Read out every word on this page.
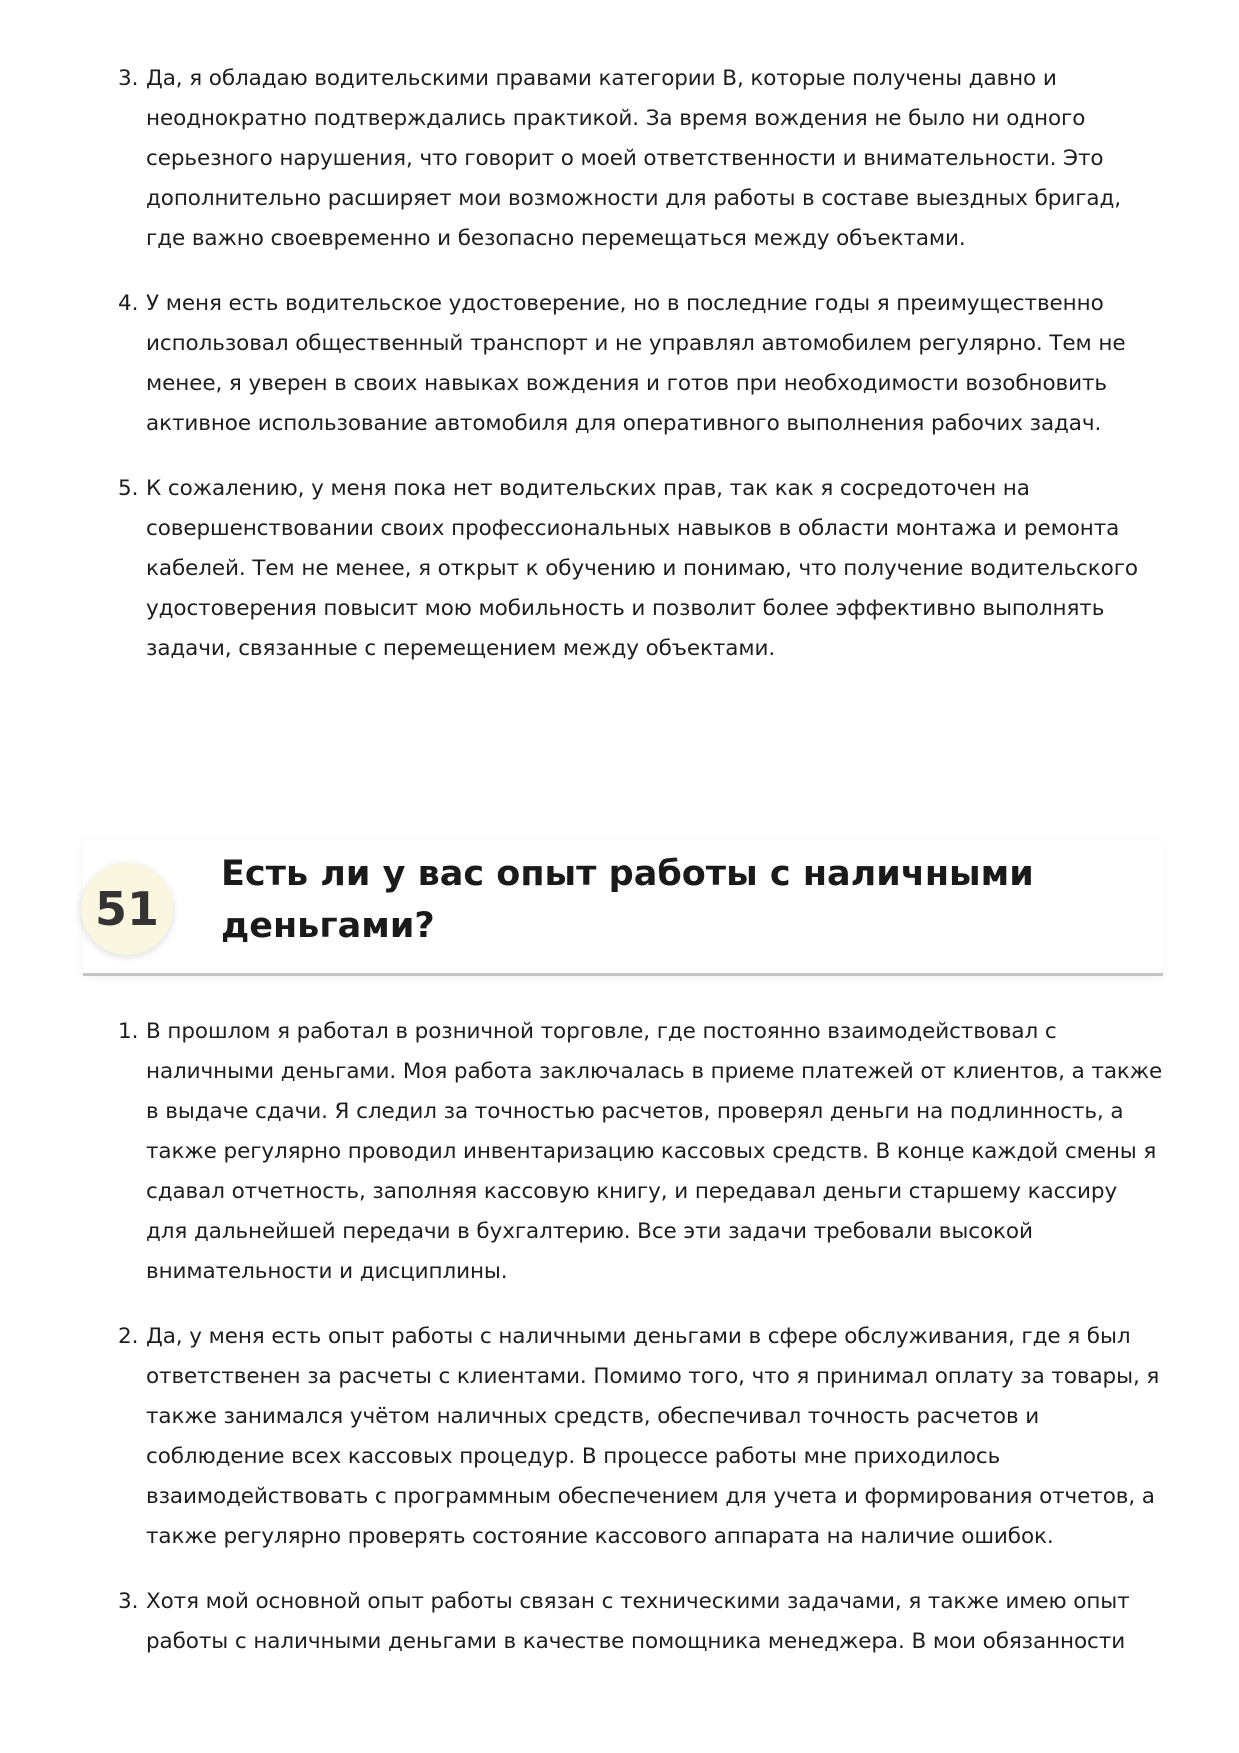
3. Да, я обладаю водительскими правами категории B, которые получены давно и неоднократно подтверждались практикой. За время вождения не было ни одного серьезного нарушения, что говорит о моей ответственности и внимательности. Это дополнительно расширяет мои возможности для работы в составе выездных бригад, где важно своевременно и безопасно перемещаться между объектами.
4. У меня есть водительское удостоверение, но в последние годы я преимущественно использовал общественный транспорт и не управлял автомобилем регулярно. Тем не менее, я уверен в своих навыках вождения и готов при необходимости возобновить активное использование автомобиля для оперативного выполнения рабочих задач.
5. К сожалению, у меня пока нет водительских прав, так как я сосредоточен на совершенствовании своих профессиональных навыков в области монтажа и ремонта кабелей. Тем не менее, я открыт к обучению и понимаю, что получение водительского удостоверения повысит мою мобильность и позволит более эффективно выполнять задачи, связанные с перемещением между объектами.
51
Есть ли у вас опыт работы с наличными деньгами?
1. В прошлом я работал в розничной торговле, где постоянно взаимодействовал с наличными деньгами. Моя работа заключалась в приеме платежей от клиентов, а также в выдаче сдачи. Я следил за точностью расчетов, проверял деньги на подлинность, а также регулярно проводил инвентаризацию кассовых средств. В конце каждой смены я сдавал отчетность, заполняя кассовую книгу, и передавал деньги старшему кассиру для дальнейшей передачи в бухгалтерию. Все эти задачи требовали высокой внимательности и дисциплины.
2. Да, у меня есть опыт работы с наличными деньгами в сфере обслуживания, где я был ответственен за расчеты с клиентами. Помимо того, что я принимал оплату за товары, я также занимался учётом наличных средств, обеспечивал точность расчетов и соблюдение всех кассовых процедур. В процессе работы мне приходилось взаимодействовать с программным обеспечением для учета и формирования отчетов, а также регулярно проверять состояние кассового аппарата на наличие ошибок.
3. Хотя мой основной опыт работы связан с техническими задачами, я также имею опыт работы с наличными деньгами в качестве помощника менеджера. В мои обязанности
